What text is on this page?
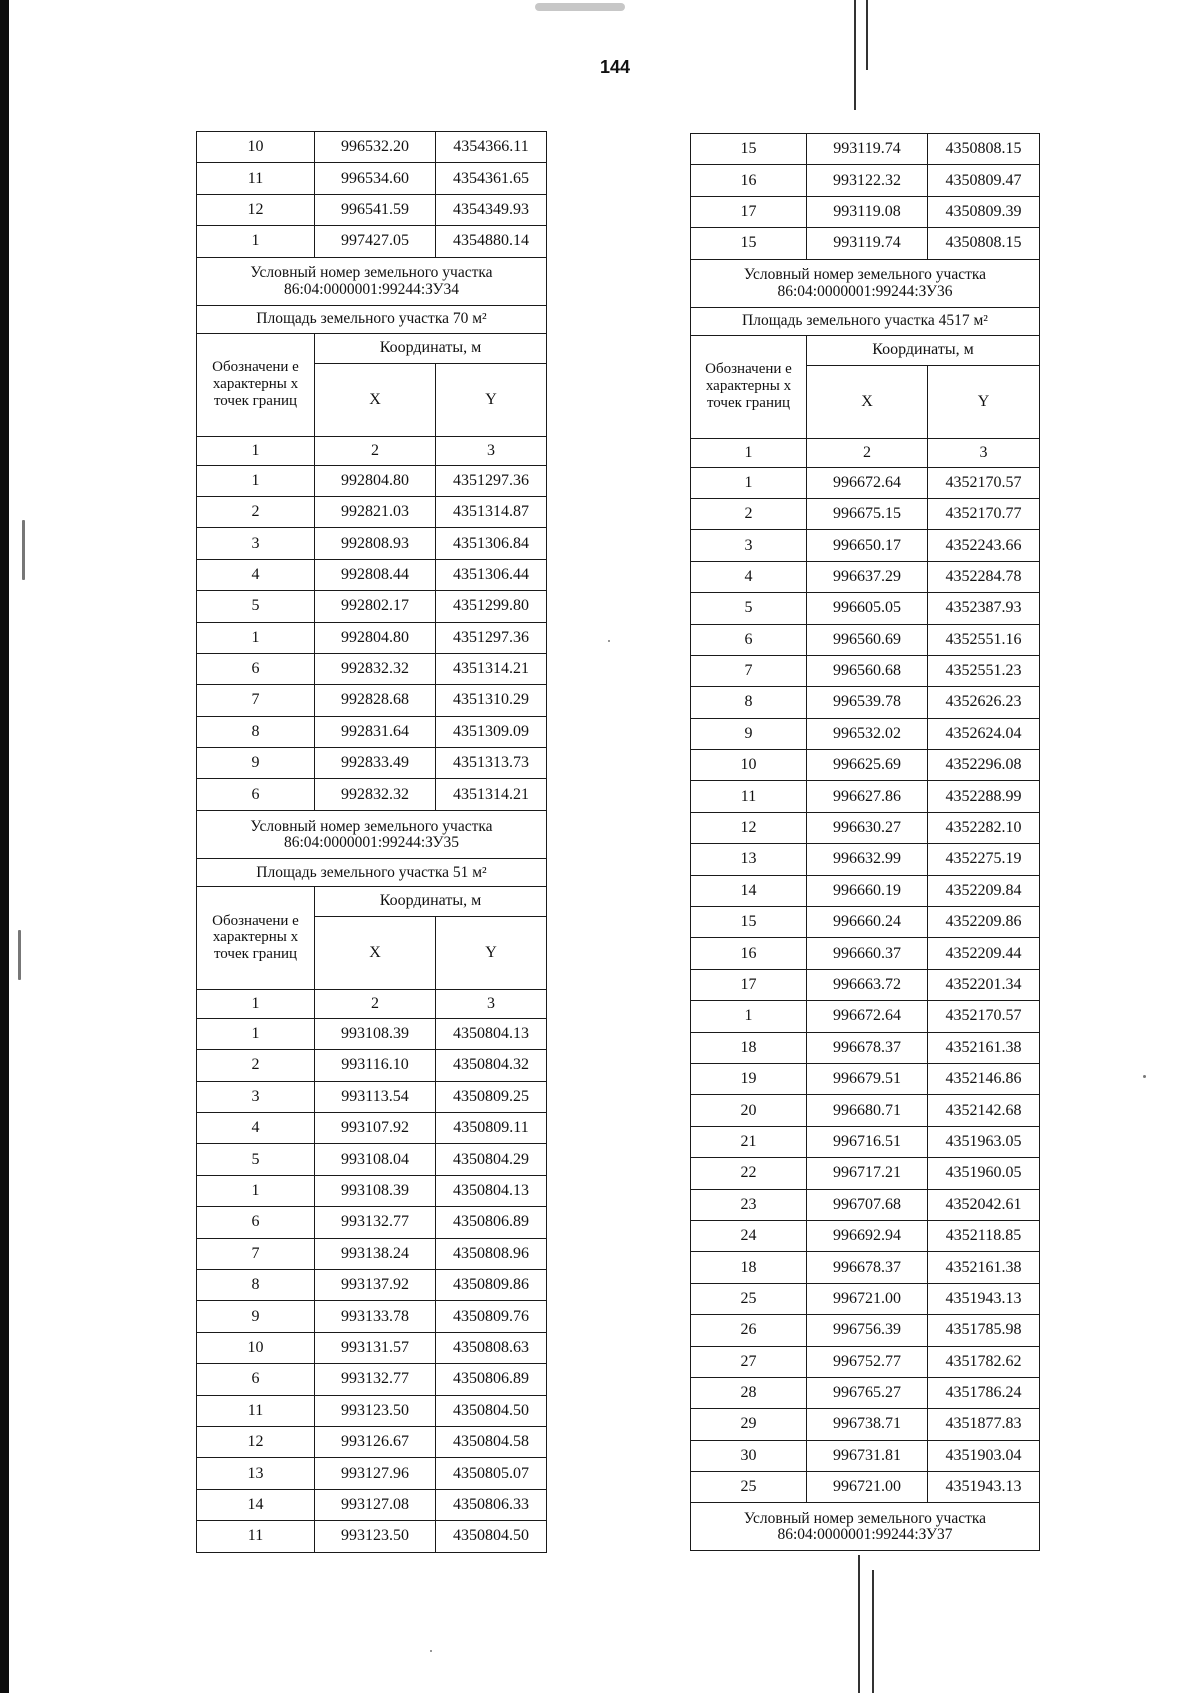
144
10	996532.20	4354366.11
11	996534.60	4354361.65
12	996541.59	4354349.93
1	997427.05	4354880.14

Условный номер земельного участка
86:04:0000001:99244:ЗУ34		

Площадь земельного участка 70 м²		
Обозначени е характерны х точек границ	Координаты, м	
	X	Y
1	2	3
1	992804.80	4351297.36
2	992821.03	4351314.87
3	992808.93	4351306.84
4	992808.44	4351306.44
5	992802.17	4351299.80
1	992804.80	4351297.36
6	992832.32	4351314.21
7	992828.68	4351310.29
8	992831.64	4351309.09
9	992833.49	4351313.73
6	992832.32	4351314.21

Условный номер земельного участка
86:04:0000001:99244:ЗУ35		

Площадь земельного участка 51 м²		
Обозначени е характерны х точек границ	Координаты, м	
	X	Y
1	2	3
1	993108.39	4350804.13
2	993116.10	4350804.32
3	993113.54	4350809.25
4	993107.92	4350809.11
5	993108.04	4350804.29
1	993108.39	4350804.13
6	993132.77	4350806.89
7	993138.24	4350808.96
8	993137.92	4350809.86
9	993133.78	4350809.76
10	993131.57	4350808.63
6	993132.77	4350806.89
11	993123.50	4350804.50
12	993126.67	4350804.58
13	993127.96	4350805.07
14	993127.08	4350806.33
11	993123.50	4350804.50
15	993119.74	4350808.15
16	993122.32	4350809.47
17	993119.08	4350809.39
15	993119.74	4350808.15

Условный номер земельного участка
86:04:0000001:99244:ЗУ36		

Площадь земельного участка 4517 м²		
Обозначени е характерны х точек границ	Координаты, м	
	X	Y
1	2	3
1	996672.64	4352170.57
2	996675.15	4352170.77
3	996650.17	4352243.66
4	996637.29	4352284.78
5	996605.05	4352387.93
6	996560.69	4352551.16
7	996560.68	4352551.23
8	996539.78	4352626.23
9	996532.02	4352624.04
10	996625.69	4352296.08
11	996627.86	4352288.99
12	996630.27	4352282.10
13	996632.99	4352275.19
14	996660.19	4352209.84
15	996660.24	4352209.86
16	996660.37	4352209.44
17	996663.72	4352201.34
1	996672.64	4352170.57
18	996678.37	4352161.38
19	996679.51	4352146.86
20	996680.71	4352142.68
21	996716.51	4351963.05
22	996717.21	4351960.05
23	996707.68	4352042.61
24	996692.94	4352118.85
18	996678.37	4352161.38
25	996721.00	4351943.13
26	996756.39	4351785.98
27	996752.77	4351782.62
28	996765.27	4351786.24
29	996738.71	4351877.83
30	996731.81	4351903.04
25	996721.00	4351943.13

Условный номер земельного участка
86:04:0000001:99244:ЗУ37		
